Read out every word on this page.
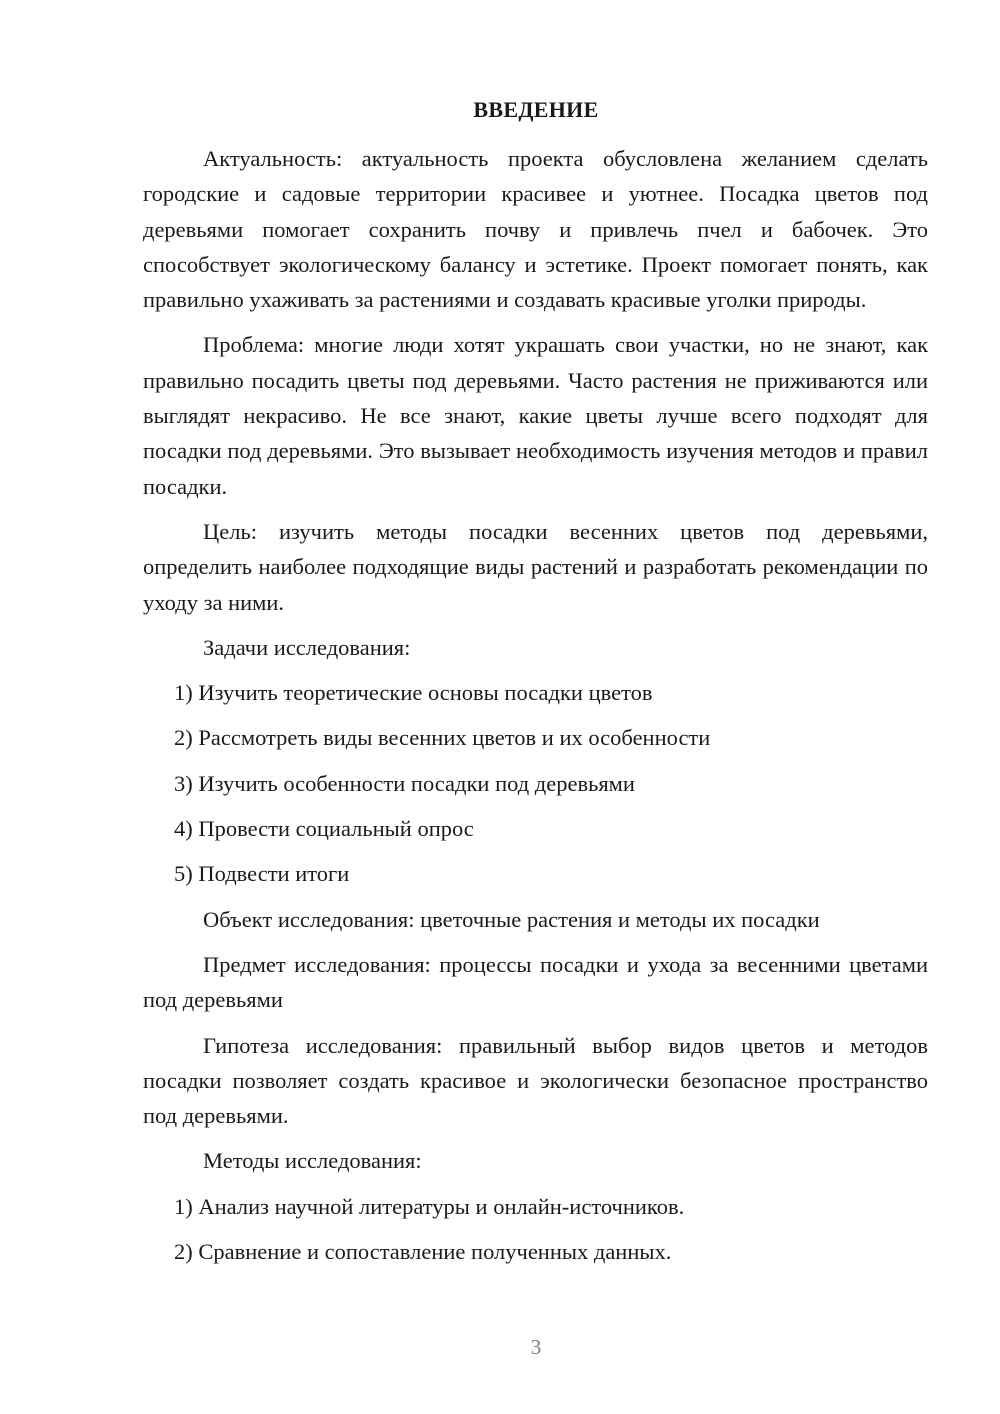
ВВЕДЕНИЕ

Актуальность: актуальность проекта обусловлена желанием сделать городские и садовые территории красивее и уютнее. Посадка цветов под деревьями помогает сохранить почву и привлечь пчел и бабочек. Это способствует экологическому балансу и эстетике. Проект помогает понять, как правильно ухаживать за растениями и создавать красивые уголки природы.

Проблема: многие люди хотят украшать свои участки, но не знают, как правильно посадить цветы под деревьями. Часто растения не приживаются или выглядят некрасиво. Не все знают, какие цветы лучше всего подходят для посадки под деревьями. Это вызывает необходимость изучения методов и правил посадки.

Цель: изучить методы посадки весенних цветов под деревьями, определить наиболее подходящие виды растений и разработать рекомендации по уходу за ними.

Задачи исследования:

1) Изучить теоретические основы посадки цветов

2) Рассмотреть виды весенних цветов и их особенности

3) Изучить особенности посадки под деревьями

4) Провести социальный опрос

5) Подвести итоги

Объект исследования: цветочные растения и методы их посадки

Предмет исследования: процессы посадки и ухода за весенними цветами под деревьями

Гипотеза исследования: правильный выбор видов цветов и методов посадки позволяет создать красивое и экологически безопасное пространство под деревьями.

Методы исследования:

1) Анализ научной литературы и онлайн-источников.

2) Сравнение и сопоставление полученных данных.

3
